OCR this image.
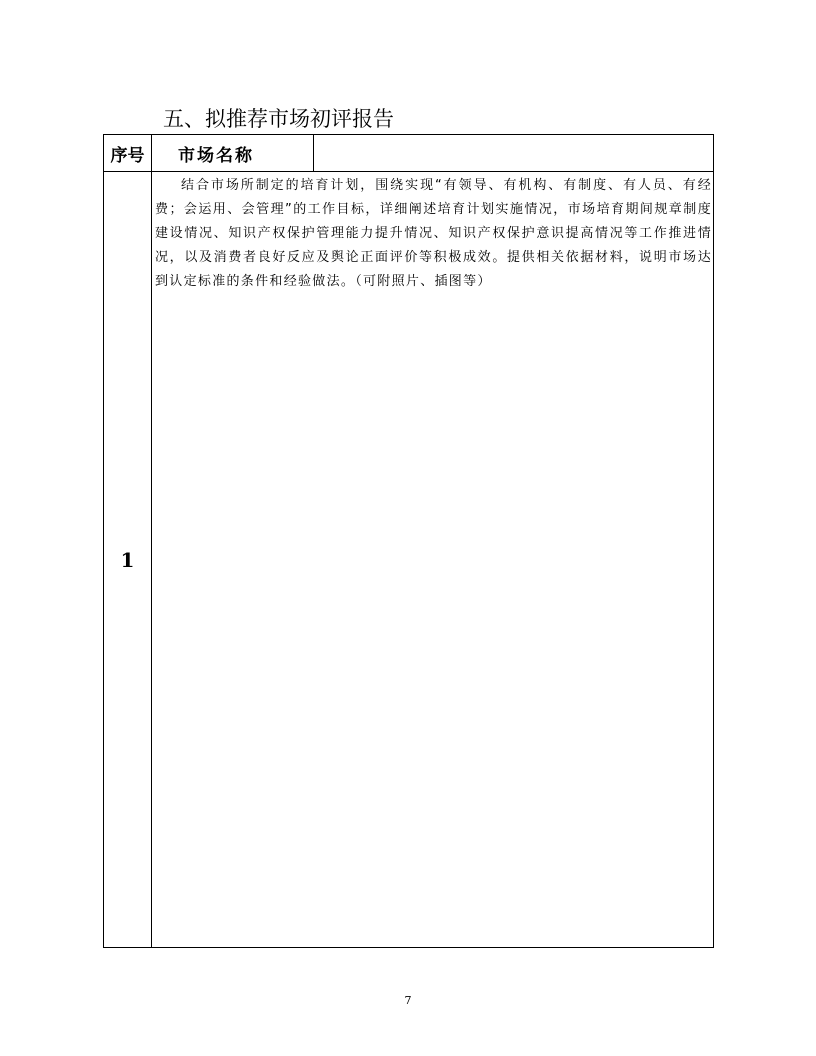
五、拟推荐市场初评报告
序号	市场名称	
1	结合市场所制定的培育计划，围绕实现“有领导、有机构、有制度、有人员、有经费；会运用、会管理”的工作目标，详细阐述培育计划实施情况，市场培育期间规章制度建设情况、知识产权保护管理能力提升情况、知识产权保护意识提高情况等工作推进情况，以及消费者良好反应及舆论正面评价等积极成效。提供相关依据材料，说明市场达到认定标准的条件和经验做法。（可附照片、插图等）	
7
